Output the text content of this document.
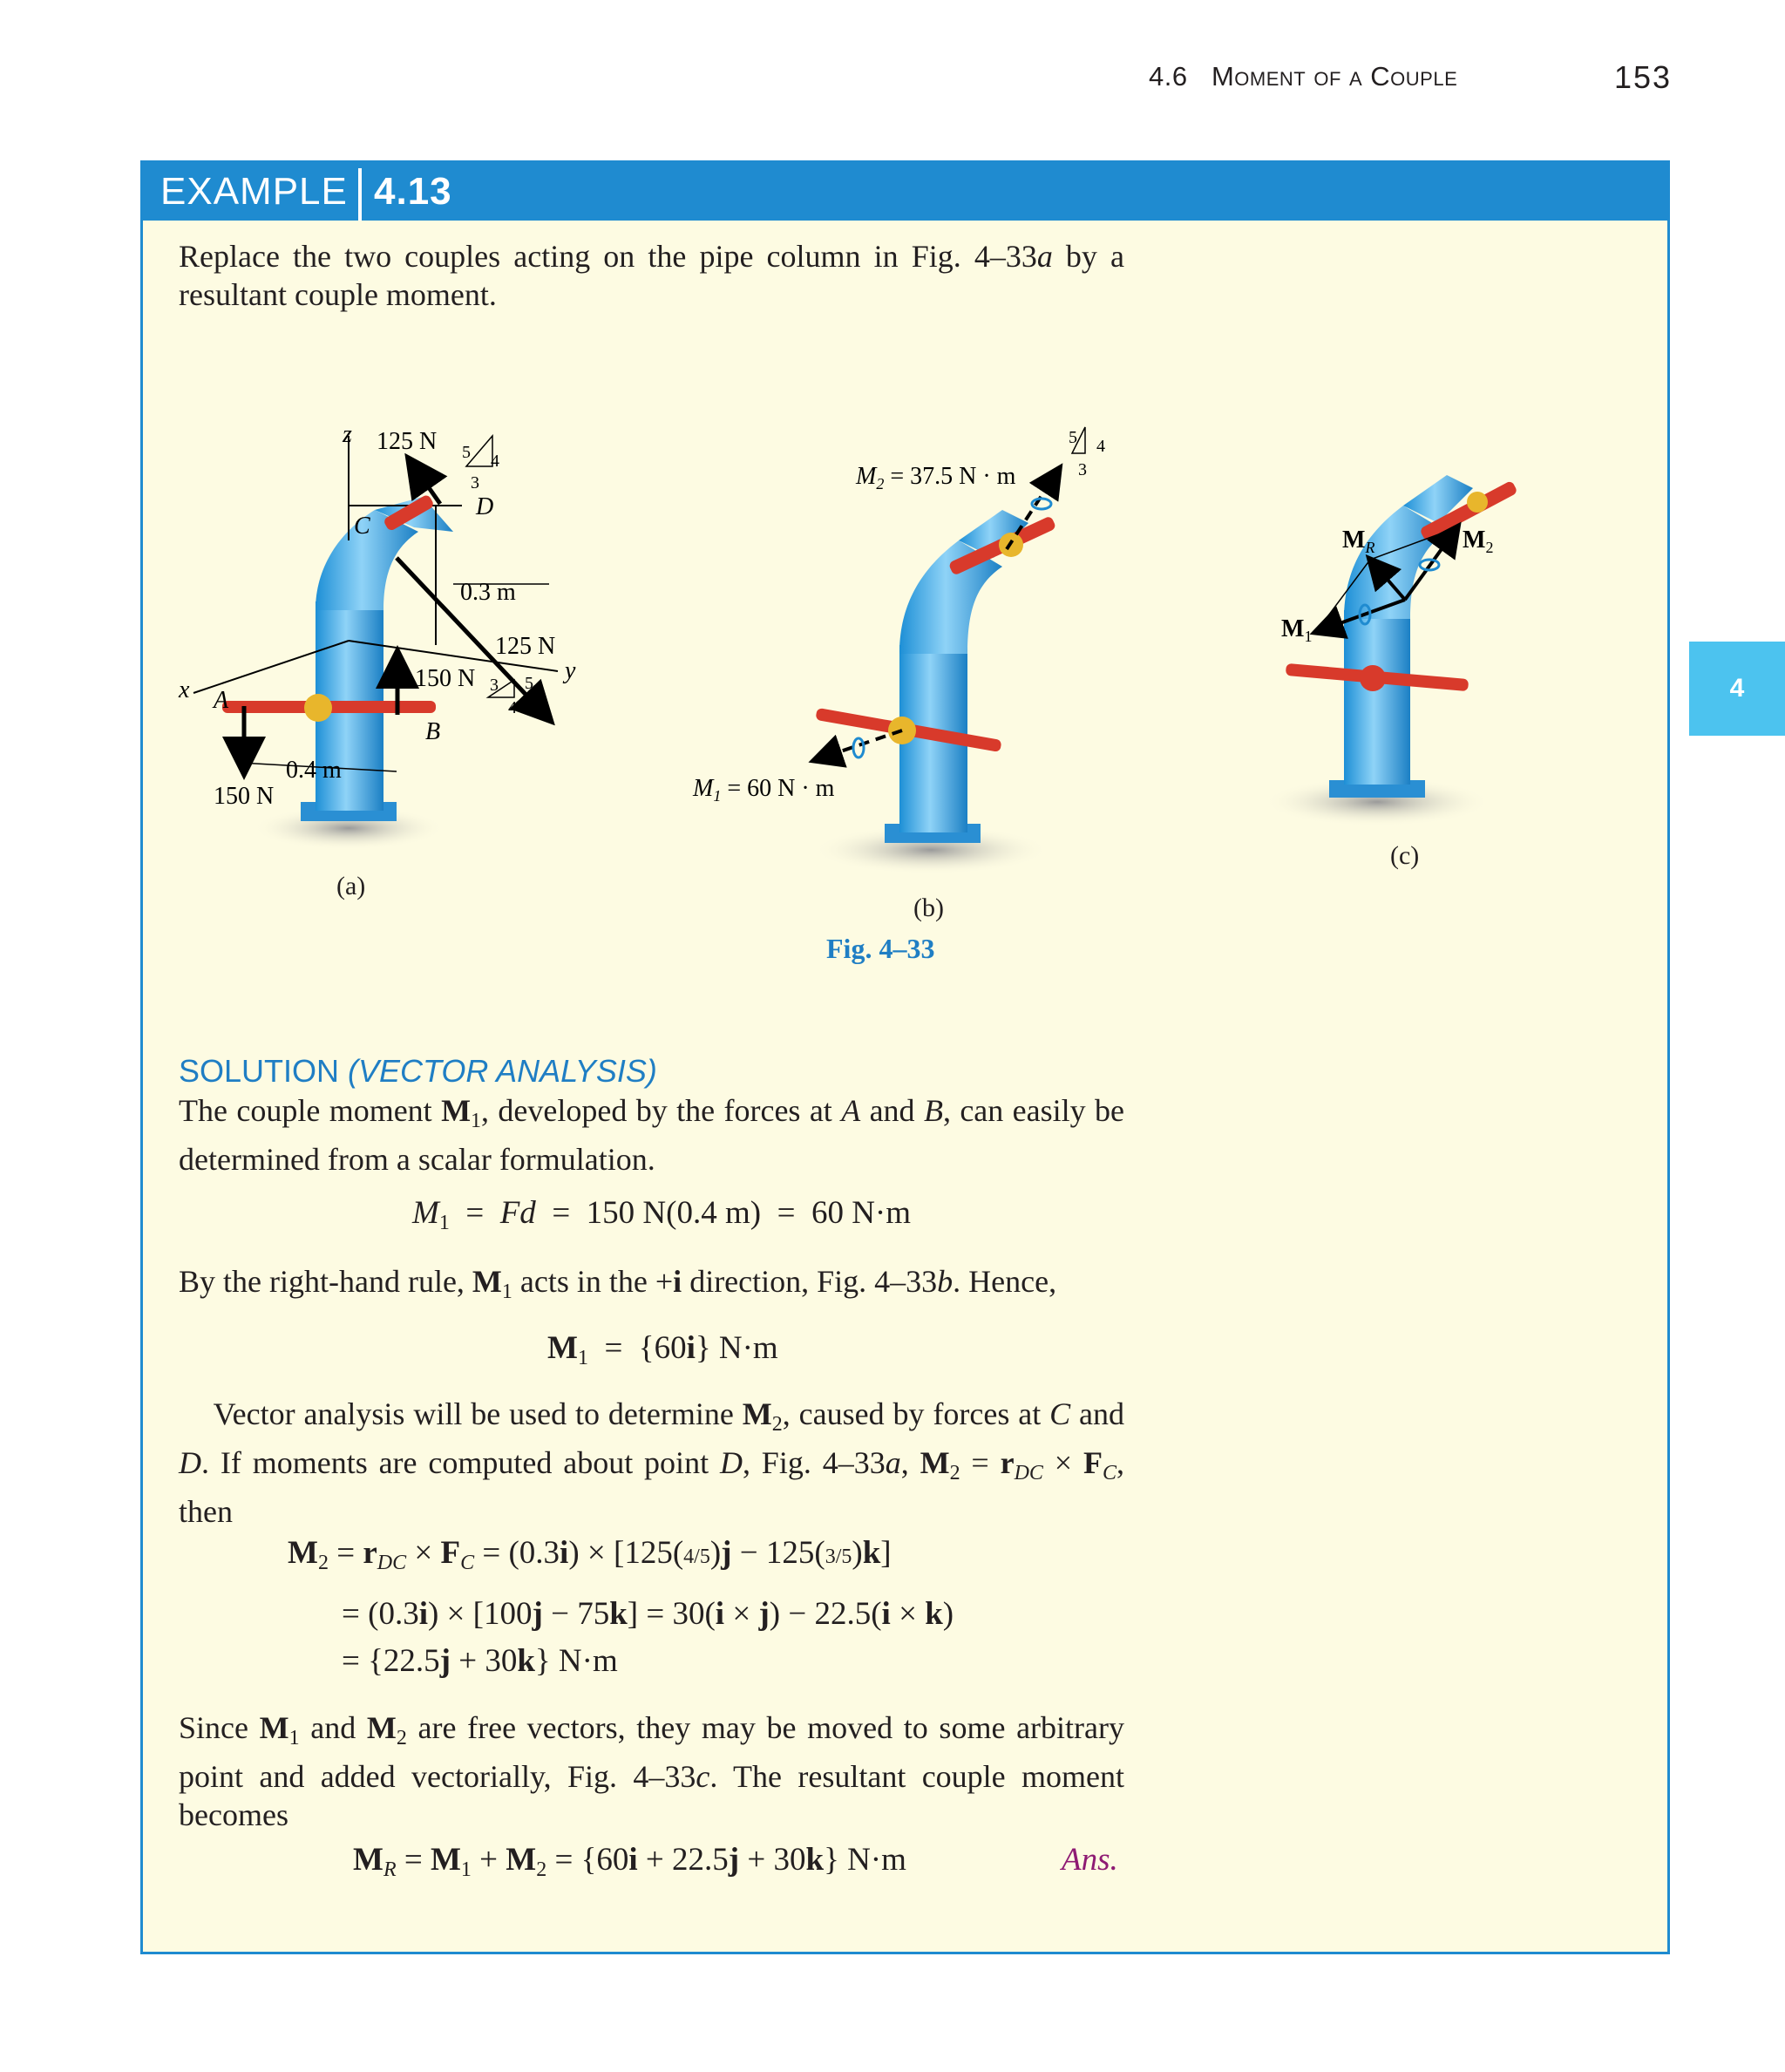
4.6 Moment of a Couple	153
4
EXAMPLE 4.13
Replace the two couples acting on the pipe column in Fig. 4–33a by a resultant couple moment.
z
x
y
125 N
125 N
150 N
150 N
0.3 m
0.4 m
A
B
C
D
5 4
3
5
4
3
$M_2 = 37.5$ N · m
$M_1 = 60$ N · m
5 4
3
$M_R$	$M_2$
$M_1$
(a)
(b)
(c)
Fig. 4–33
SOLUTION (VECTOR ANALYSIS)
The couple moment $M_1$, developed by the forces at A and B, can easily be determined from a scalar formulation.
$M_1 = Fd = 150$ N(0.4 m)  =  60 N·m
By the right-hand rule, $M_1$ acts in the +i direction, Fig. 4–33b. Hence,
$M_1 = \{60i\}$ N·m
Vector analysis will be used to determine $M_2$, caused by forces at C and D. If moments are computed about point D, Fig. 4–33a, $M_2 = r_{DC} \times F_C$, then
$M_2 = r_{DC} \times F_C = (0.3i) \times [125(4/5)j - 125(3/5)k]$
= (0.3i) × [100j − 75k] = 30(i × j) − 22.5(i × k)
= {22.5j + 30k} N·m
Since $M_1$ and $M_2$ are free vectors, they may be moved to some arbitrary point and added vectorially, Fig. 4–33c. The resultant couple moment becomes
$M_R = M_1 + M_2 = \{60i + 22.5j + 30k\}$ N·m	Ans.
